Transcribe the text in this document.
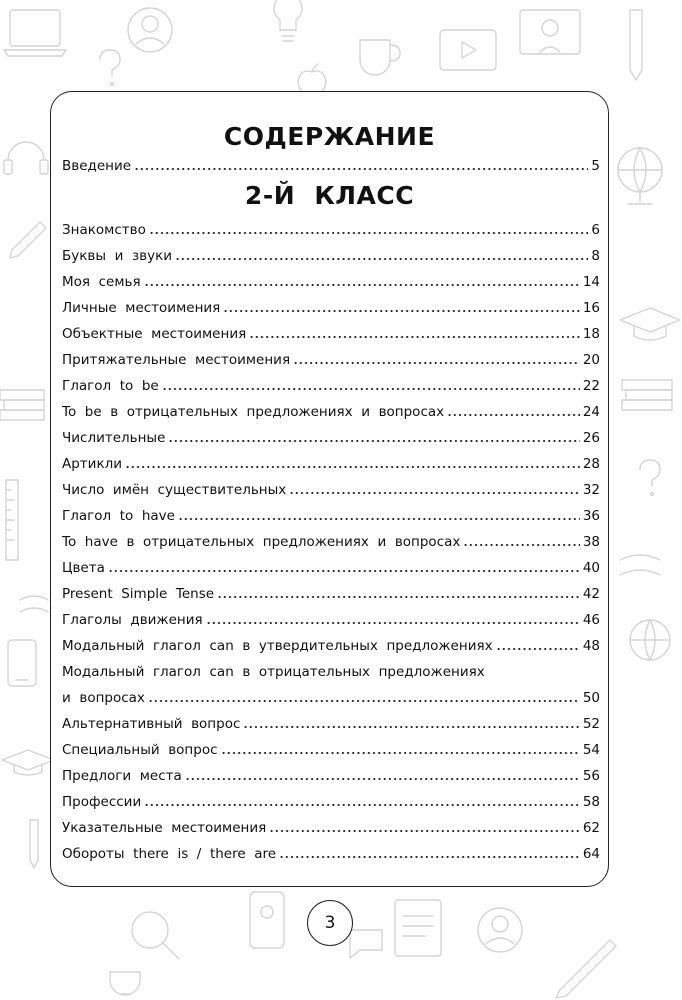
СОДЕРЖАНИЕ
Введение	5
2-Й КЛАСС
Знакомство	6
Буквы  и  звуки	8
Моя  семья	14
Личные  местоимения	16
Объектные  местоимения	18
Притяжательные  местоимения	20
Глагол  to  be	22
To  be  в  отрицательных  предложениях  и  вопросах	24
Числительные	26
Артикли	28
Число  имён  существительных	32
Глагол  to  have	36
To  have  в  отрицательных  предложениях  и  вопросах	38
Цвета	40
Present  Simple  Tense	42
Глаголы  движения	46
Модальный  глагол  can  в  утвердительных  предложениях	48
Модальный  глагол  can  в  отрицательных  предложениях
и  вопросах	50
Альтернативный  вопрос	52
Специальный  вопрос	54
Предлоги  места	56
Профессии	58
Указательные  местоимения	62
Обороты  there  is  /  there  are	64
3
